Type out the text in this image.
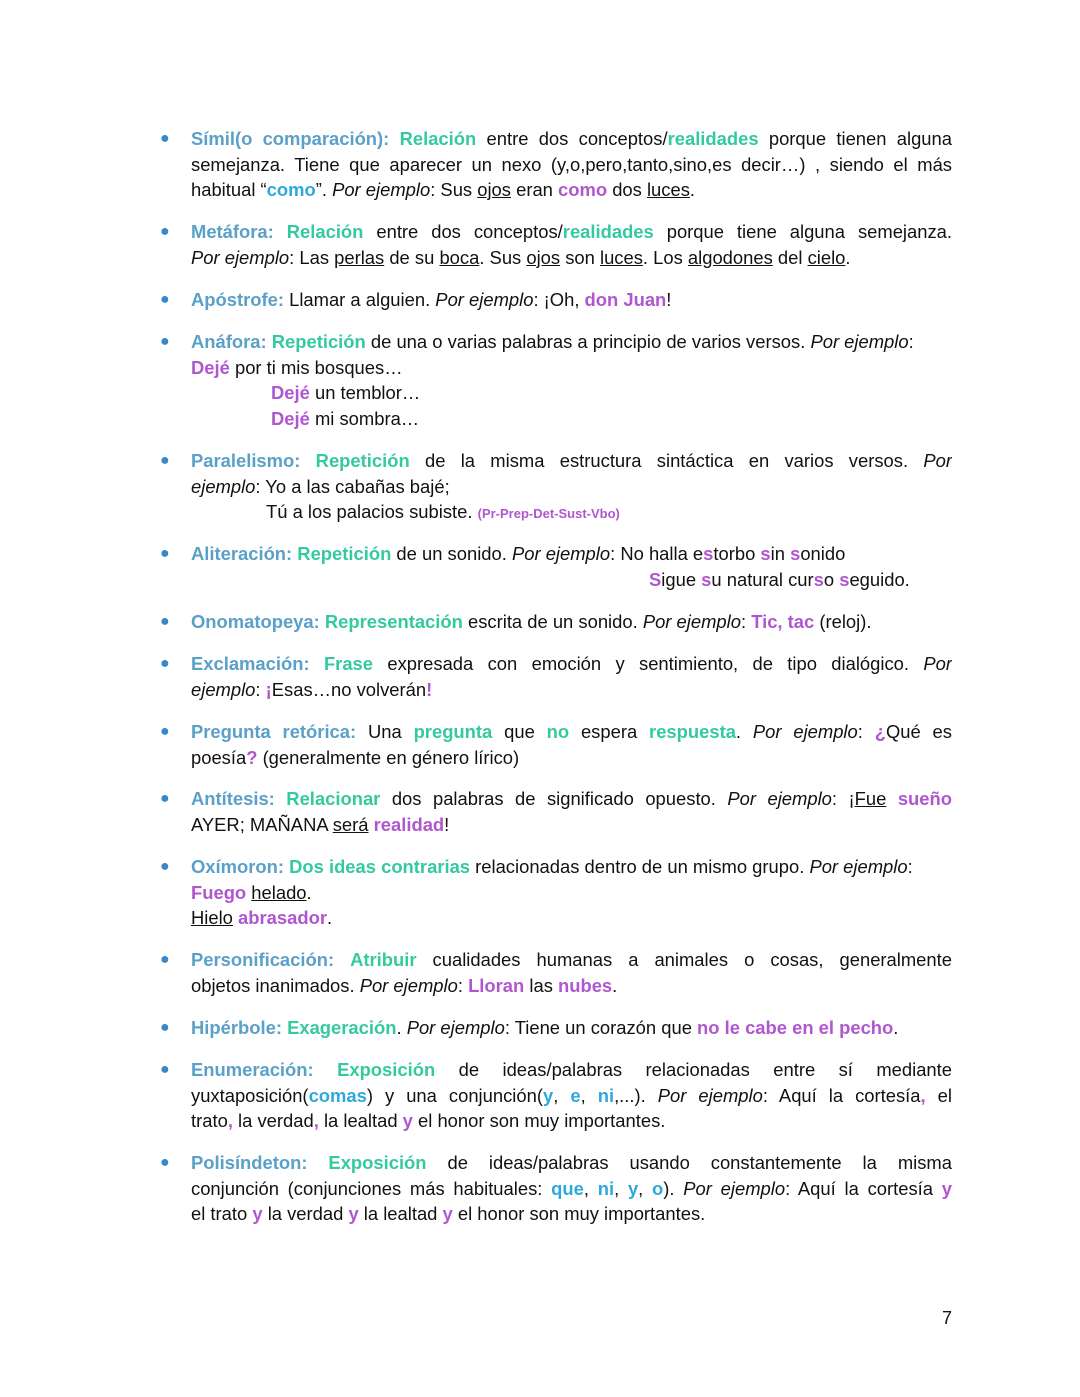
● Símil(o comparación): Relación entre dos conceptos/realidades porque tienen alguna
semejanza. Tiene que aparecer un nexo (y,o,pero,tanto,sino,es decir…) , siendo el más
habitual “como”. Por ejemplo: Sus ojos eran como dos luces.
● Metáfora: Relación entre dos conceptos/realidades porque tiene alguna semejanza.
Por ejemplo: Las perlas de su boca. Sus ojos son luces. Los algodones del cielo.
● Apóstrofe: Llamar a alguien. Por ejemplo: ¡Oh, don Juan!
● Anáfora: Repetición de una o varias palabras a principio de varios versos. Por ejemplo:
Dejé por ti mis bosques…
Dejé un temblor…
Dejé mi sombra…
● Paralelismo: Repetición de la misma estructura sintáctica en varios versos. Por
ejemplo: Yo a las cabañas bajé;
Tú a los palacios subiste. (Pr-Prep-Det-Sust-Vbo)
● Aliteración: Repetición de un sonido. Por ejemplo: No halla estorbo sin sonido
Sigue su natural curso seguido.
● Onomatopeya: Representación escrita de un sonido. Por ejemplo: Tic, tac (reloj).
● Exclamación: Frase expresada con emoción y sentimiento, de tipo dialógico. Por
ejemplo: ¡Esas…no volverán!
● Pregunta retórica: Una pregunta que no espera respuesta. Por ejemplo: ¿Qué es
poesía? (generalmente en género lírico)
● Antítesis: Relacionar dos palabras de significado opuesto. Por ejemplo: ¡Fue sueño
AYER; MAÑANA será realidad!
● Oxímoron: Dos ideas contrarias relacionadas dentro de un mismo grupo. Por ejemplo:
Fuego helado.
Hielo abrasador.
● Personificación: Atribuir cualidades humanas a animales o cosas, generalmente
objetos inanimados. Por ejemplo: Lloran las nubes.
● Hipérbole: Exageración. Por ejemplo: Tiene un corazón que no le cabe en el pecho.
● Enumeración: Exposición de ideas/palabras relacionadas entre sí mediante
yuxtaposición(comas) y una conjunción(y, e, ni,...). Por ejemplo: Aquí la cortesía, el
trato, la verdad, la lealtad y el honor son muy importantes.
● Polisíndeton: Exposición de ideas/palabras usando constantemente la misma
conjunción (conjunciones más habituales: que, ni, y, o). Por ejemplo: Aquí la cortesía y
el trato y la verdad y la lealtad y el honor son muy importantes.
7
